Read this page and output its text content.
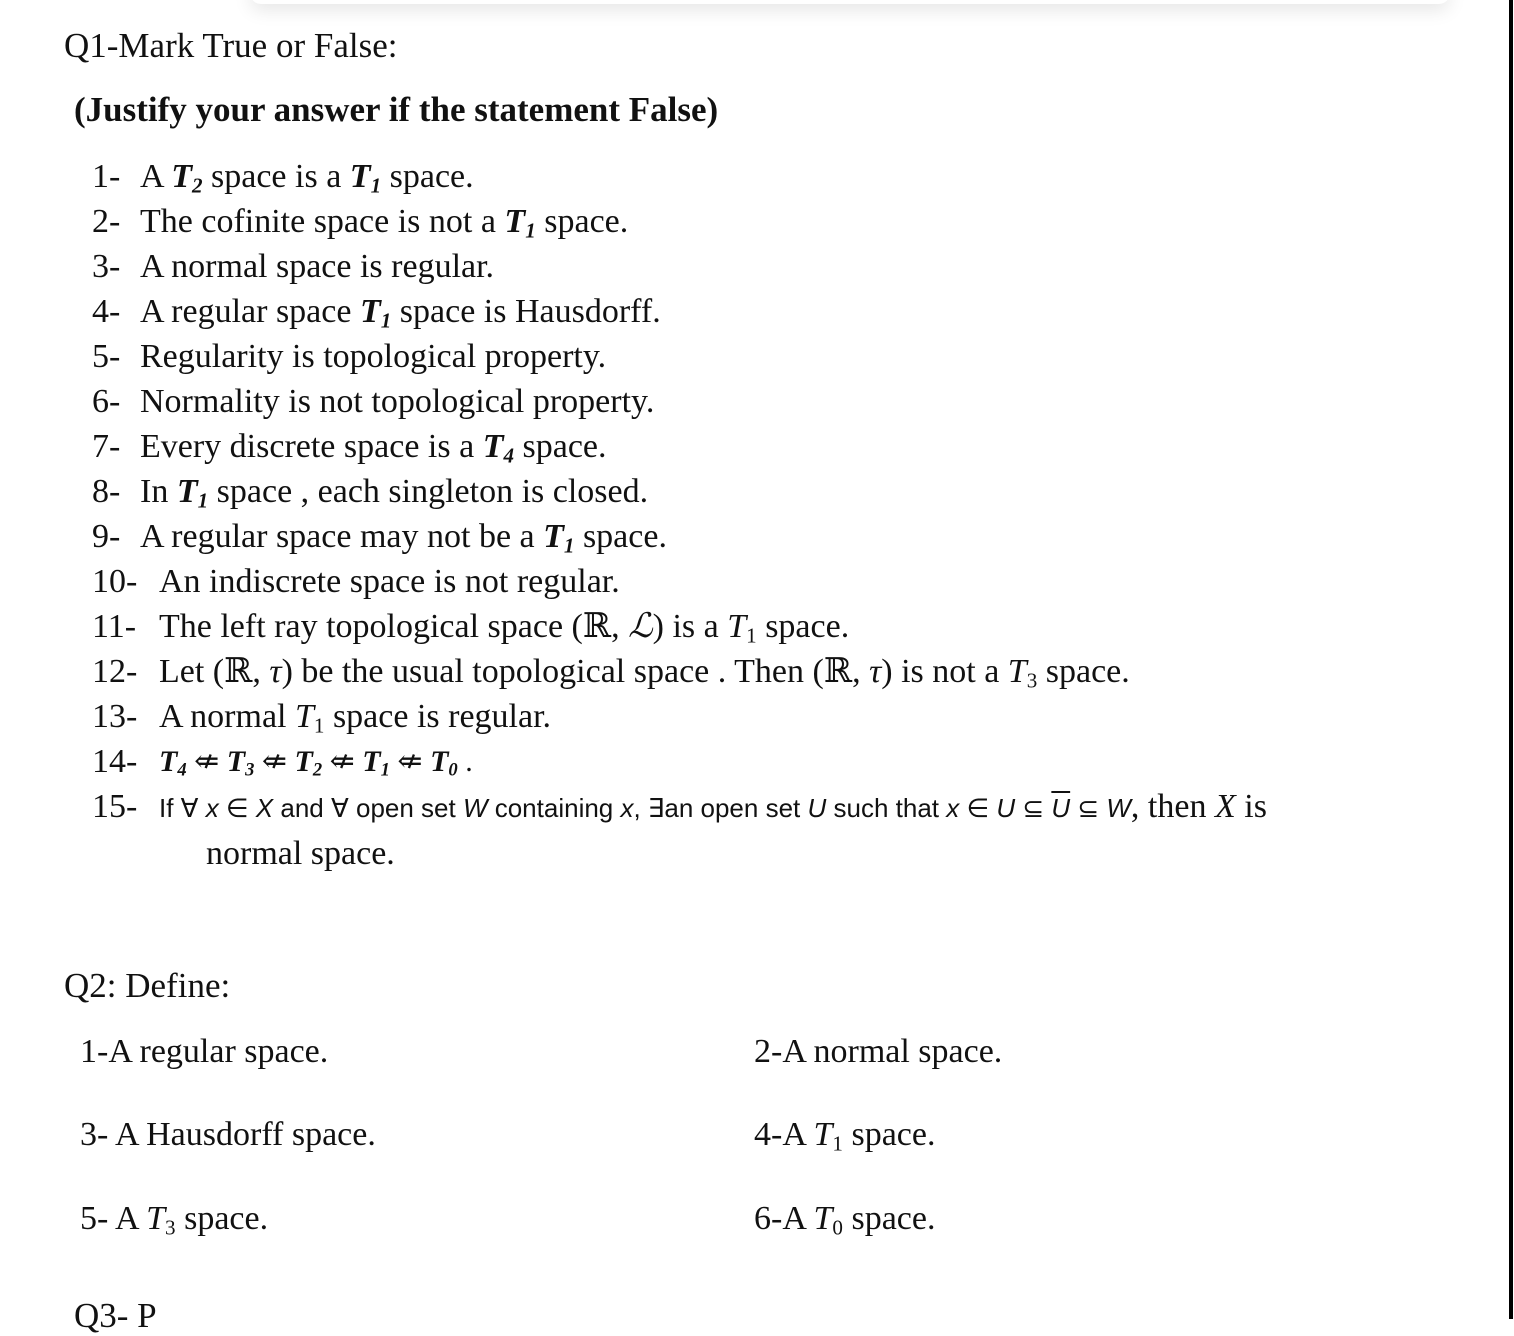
Q1-Mark True or False:
(Justify your answer if the statement False)
1- A $T_2$ space is a $T_1$ space.
2- The cofinite space is not a $T_1$ space.
3- A normal space is regular.
4- A regular space $T_1$ space is Hausdorff.
5- Regularity is topological property.
6- Normality is not topological property.
7- Every discrete space is a $T_4$ space.
8- In $T_1$ space , each singleton is closed.
9- A regular space may not be a $T_1$ space.
10- An indiscrete space is not regular.
11- The left ray topological space (ℝ, ℒ) is a $T_1$ space.
12- Let (ℝ, τ) be the usual topological space . Then (ℝ, τ) is not a $T_3$ space.
13- A normal $T_1$ space is regular.
14- $T_4$ ⇍ $T_3$ ⇍ $T_2$ ⇍ $T_1$ ⇍ $T_0$ .
15- If ∀ x ∈ X and ∀ open set W containing x, ∃an open set U such that x ∈ U ⊆ $\overline{U}$ ⊆ W, then X is
normal space.
Q2: Define:
1-A regular space.	2-A normal space.
3- A Hausdorff space.	4-A $T_1$ space.
5- A $T_3$ space.	6-A $T_0$ space.
Q3- P
